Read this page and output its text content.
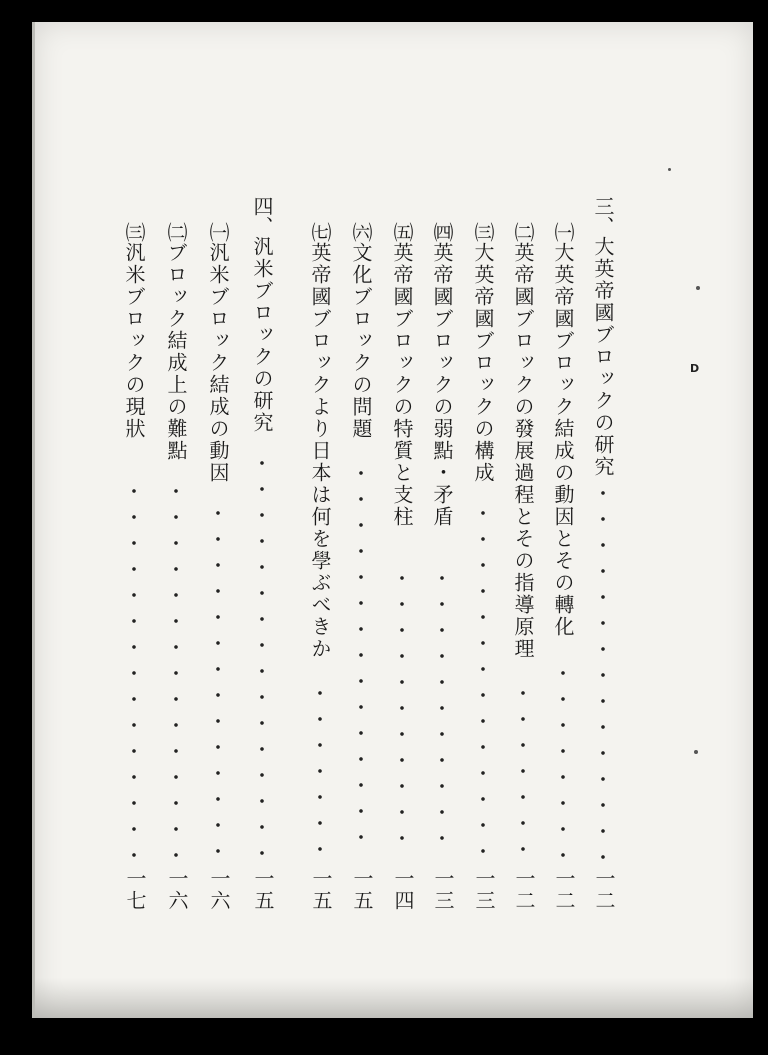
D
三、大英帝國ブロックの研究
一二
㈠大英帝國ブロック結成の動因とその轉化
一二
㈡英帝國ブロックの發展過程とその指導原理
一二
㈢大英帝國ブロックの構成
一三
㈣英帝國ブロックの弱點・矛盾
一三
㈤英帝國ブロックの特質と支柱
一四
㈥文化ブロックの問題
一五
㈦英帝國ブロックより日本は何を學ぶべきか
一五
四、汎米ブロックの研究
一五
㈠汎米ブロック結成の動因
一六
㈡ブロック結成上の難點
一六
㈢汎米ブロックの現狀
一七
